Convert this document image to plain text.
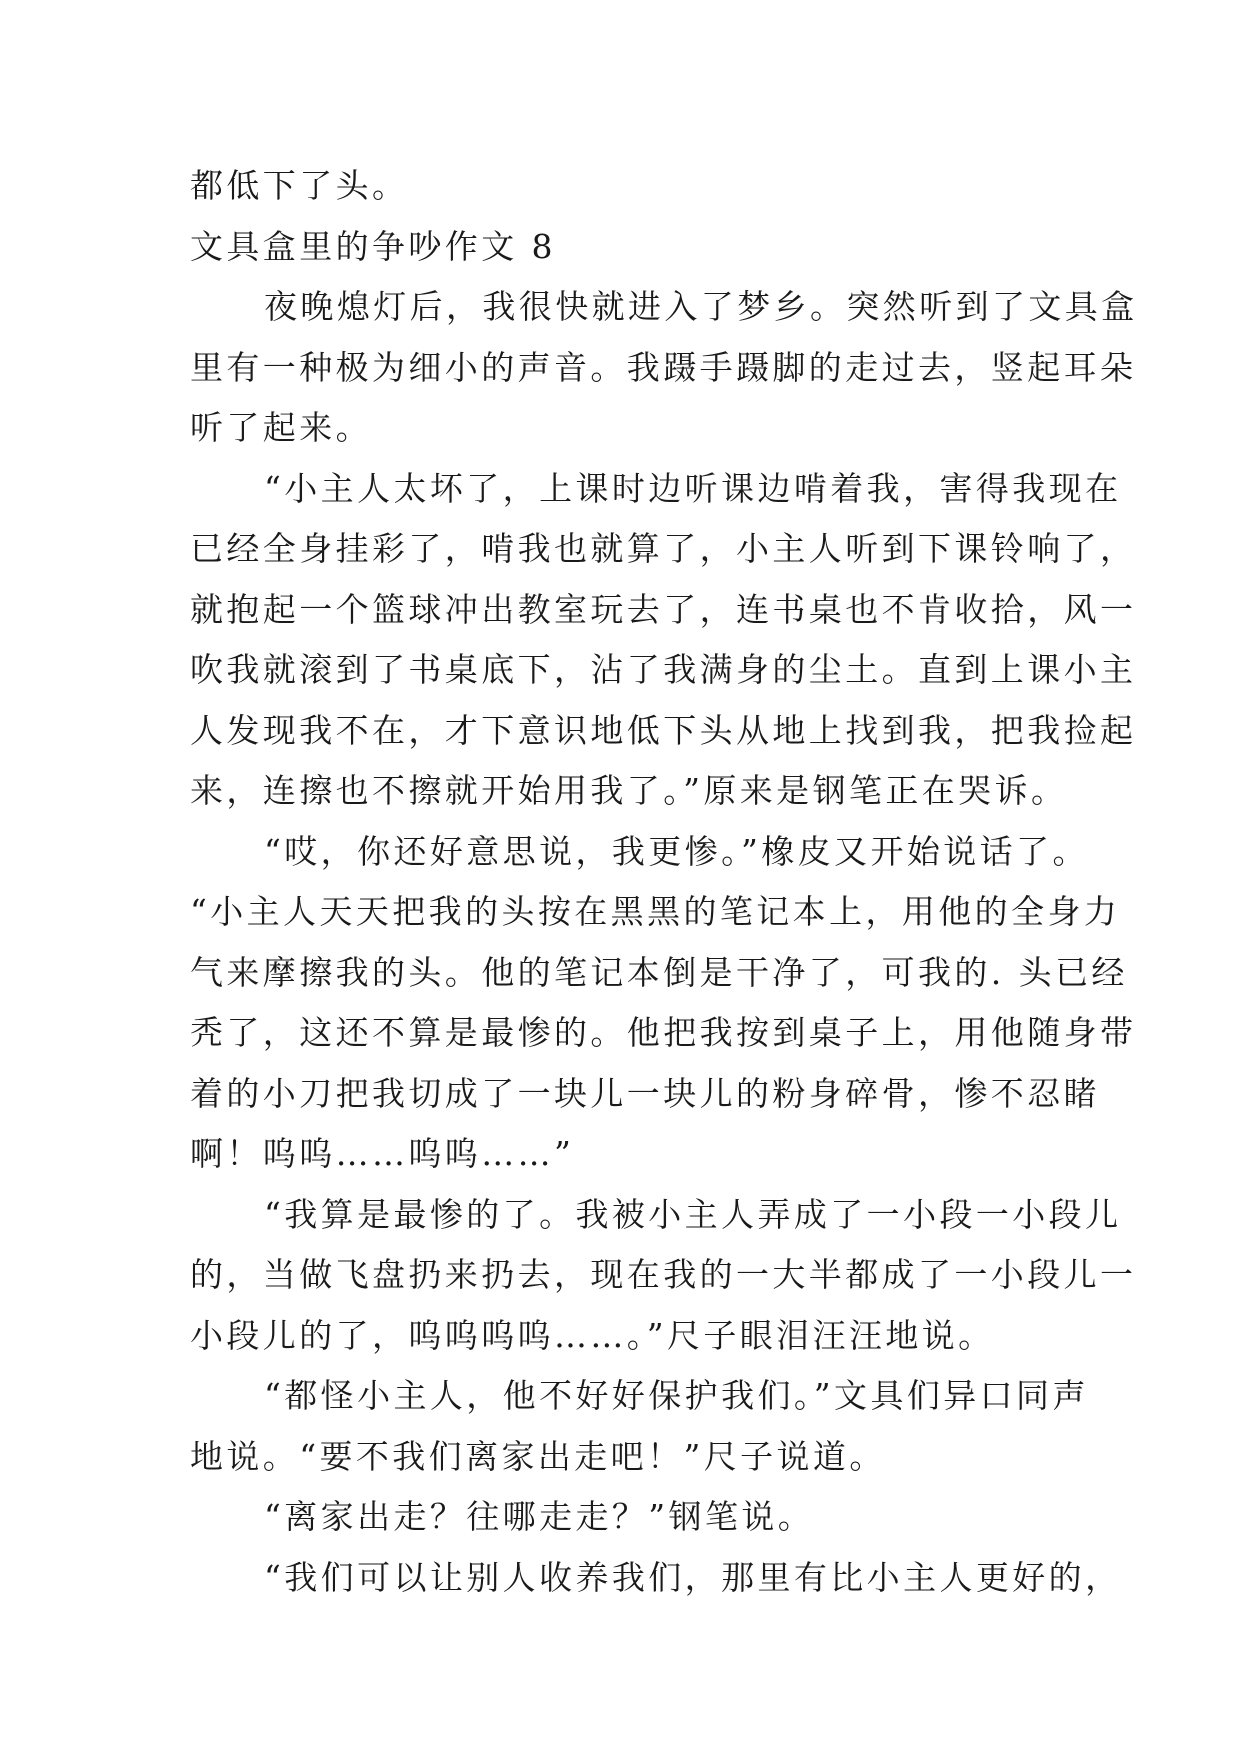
都低下了头。
文具盒里的争吵作文 8
夜晚熄灯后，我很快就进入了梦乡。突然听到了文具盒
里有一种极为细小的声音。我蹑手蹑脚的走过去，竖起耳朵
听了起来。
“小主人太坏了，上课时边听课边啃着我，害得我现在
已经全身挂彩了，啃我也就算了，小主人听到下课铃响了，
就抱起一个篮球冲出教室玩去了，连书桌也不肯收拾，风一
吹我就滚到了书桌底下，沾了我满身的尘土。直到上课小主
人发现我不在，才下意识地低下头从地上找到我，把我捡起
来，连擦也不擦就开始用我了。”原来是钢笔正在哭诉。
“哎，你还好意思说，我更惨。”橡皮又开始说话了。
“小主人天天把我的头按在黑黑的笔记本上，用他的全身力
气来摩擦我的头。他的笔记本倒是干净了，可我的. 头已经
秃了，这还不算是最惨的。他把我按到桌子上，用他随身带
着的小刀把我切成了一块儿一块儿的粉身碎骨，惨不忍睹
啊！呜呜……呜呜……”
“我算是最惨的了。我被小主人弄成了一小段一小段儿
的，当做飞盘扔来扔去，现在我的一大半都成了一小段儿一
小段儿的了，呜呜呜呜……。”尺子眼泪汪汪地说。
“都怪小主人，他不好好保护我们。”文具们异口同声
地说。“要不我们离家出走吧！”尺子说道。
“离家出走？往哪走走？”钢笔说。
“我们可以让别人收养我们，那里有比小主人更好的，
